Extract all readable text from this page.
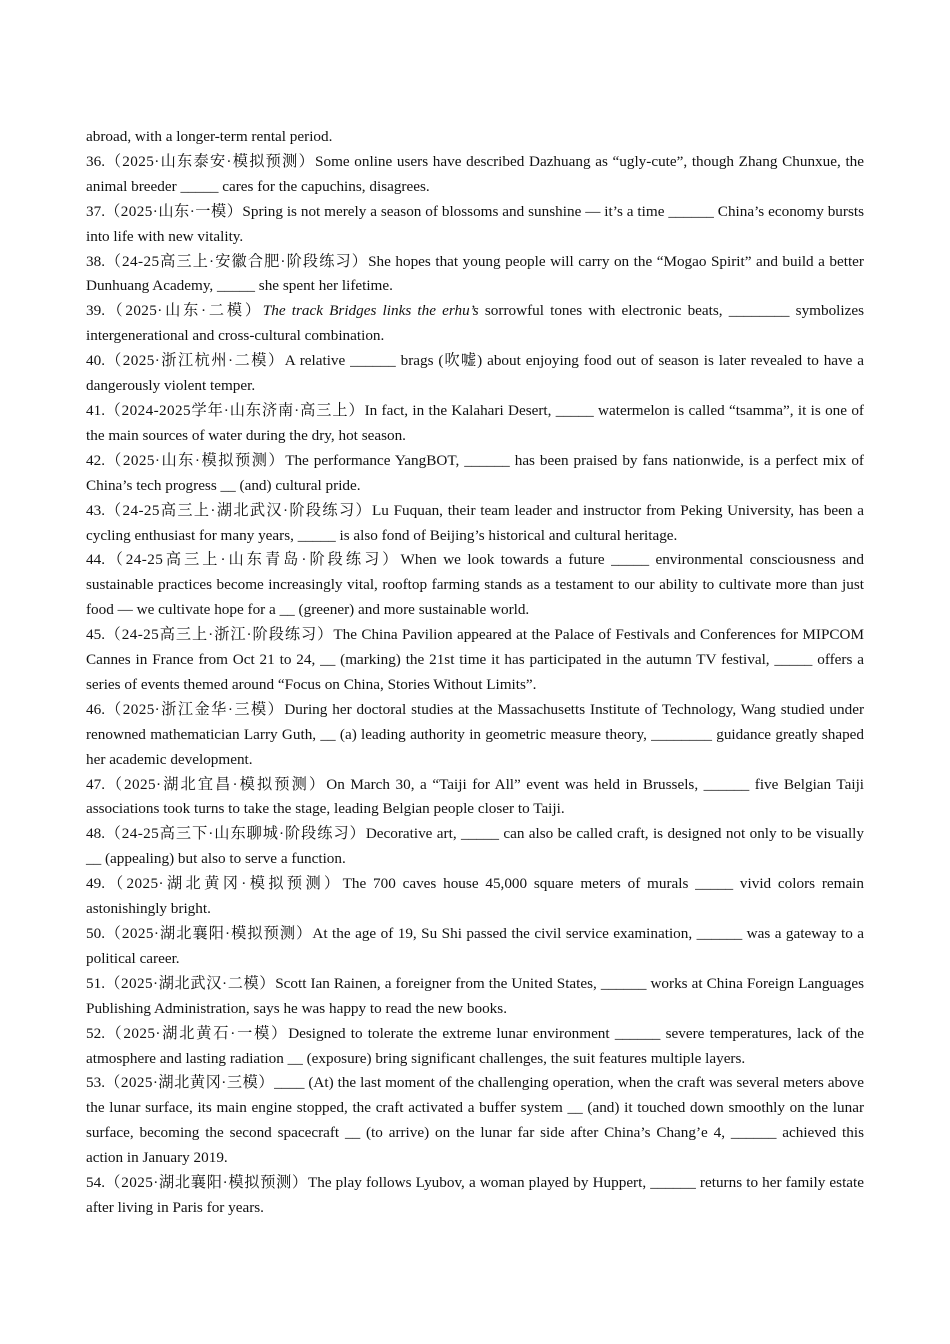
abroad, with a longer-term rental period.

36.（2025·山东泰安·模拟预测）Some online users have described Dazhuang as “ugly-cute”, though Zhang Chunxue, the animal breeder _____ cares for the capuchins, disagrees.

37.（2025·山东·一模）Spring is not merely a season of blossoms and sunshine — it’s a time ______ China’s economy bursts into life with new vitality.

38.（24-25高三上·安徽合肥·阶段练习）She hopes that young people will carry on the “Mogao Spirit” and build a better Dunhuang Academy, _____ she spent her lifetime.

39.（2025·山东·二模）The track Bridges links the erhu’s sorrowful tones with electronic beats, ________ symbolizes intergenerational and cross-cultural combination.

40.（2025·浙江杭州·二模）A relative ______ brags (吹嘘) about enjoying food out of season is later revealed to have a dangerously violent temper.

41.（2024-2025学年·山东济南·高三上）In fact, in the Kalahari Desert, _____ watermelon is called “tsamma”, it is one of the main sources of water during the dry, hot season.

42.（2025·山东·模拟预测）The performance YangBOT, ______ has been praised by fans nationwide, is a perfect mix of China’s tech progress __ (and) cultural pride.

43.（24-25高三上·湖北武汉·阶段练习）Lu Fuquan, their team leader and instructor from Peking University, has been a cycling enthusiast for many years, _____ is also fond of Beijing’s historical and cultural heritage.

44.（24-25高三上·山东青岛·阶段练习）When we look towards a future _____ environmental consciousness and sustainable practices become increasingly vital, rooftop farming stands as a testament to our ability to cultivate more than just food — we cultivate hope for a __ (greener) and more sustainable world.

45.（24-25高三上·浙江·阶段练习）The China Pavilion appeared at the Palace of Festivals and Conferences for MIPCOM Cannes in France from Oct 21 to 24, __ (marking) the 21st time it has participated in the autumn TV festival, _____ offers a series of events themed around “Focus on China, Stories Without Limits”.

46.（2025·浙江金华·三模）During her doctoral studies at the Massachusetts Institute of Technology, Wang studied under renowned mathematician Larry Guth, __ (a) leading authority in geometric measure theory, ________ guidance greatly shaped her academic development.

47.（2025·湖北宜昌·模拟预测）On March 30, a “Taiji for All” event was held in Brussels, ______ five Belgian Taiji associations took turns to take the stage, leading Belgian people closer to Taiji.

48.（24-25高三下·山东聊城·阶段练习）Decorative art, _____ can also be called craft, is designed not only to be visually __ (appealing) but also to serve a function.

49.（2025·湖北黄冈·模拟预测）The 700 caves house 45,000 square meters of murals _____ vivid colors remain astonishingly bright.

50.（2025·湖北襄阳·模拟预测）At the age of 19, Su Shi passed the civil service examination, ______ was a gateway to a political career.

51.（2025·湖北武汉·二模）Scott Ian Rainen, a foreigner from the United States, ______ works at China Foreign Languages Publishing Administration, says he was happy to read the new books.

52.（2025·湖北黄石·一模）Designed to tolerate the extreme lunar environment ______ severe temperatures, lack of the atmosphere and lasting radiation __ (exposure) bring significant challenges, the suit features multiple layers.

53.（2025·湖北黄冈·三模）____ (At) the last moment of the challenging operation, when the craft was several meters above the lunar surface, its main engine stopped, the craft activated a buffer system __ (and) it touched down smoothly on the lunar surface, becoming the second spacecraft __ (to arrive) on the lunar far side after China’s Chang’e 4, ______ achieved this action in January 2019.

54.（2025·湖北襄阳·模拟预测）The play follows Lyubov, a woman played by Huppert, ______ returns to her family estate after living in Paris for years.
